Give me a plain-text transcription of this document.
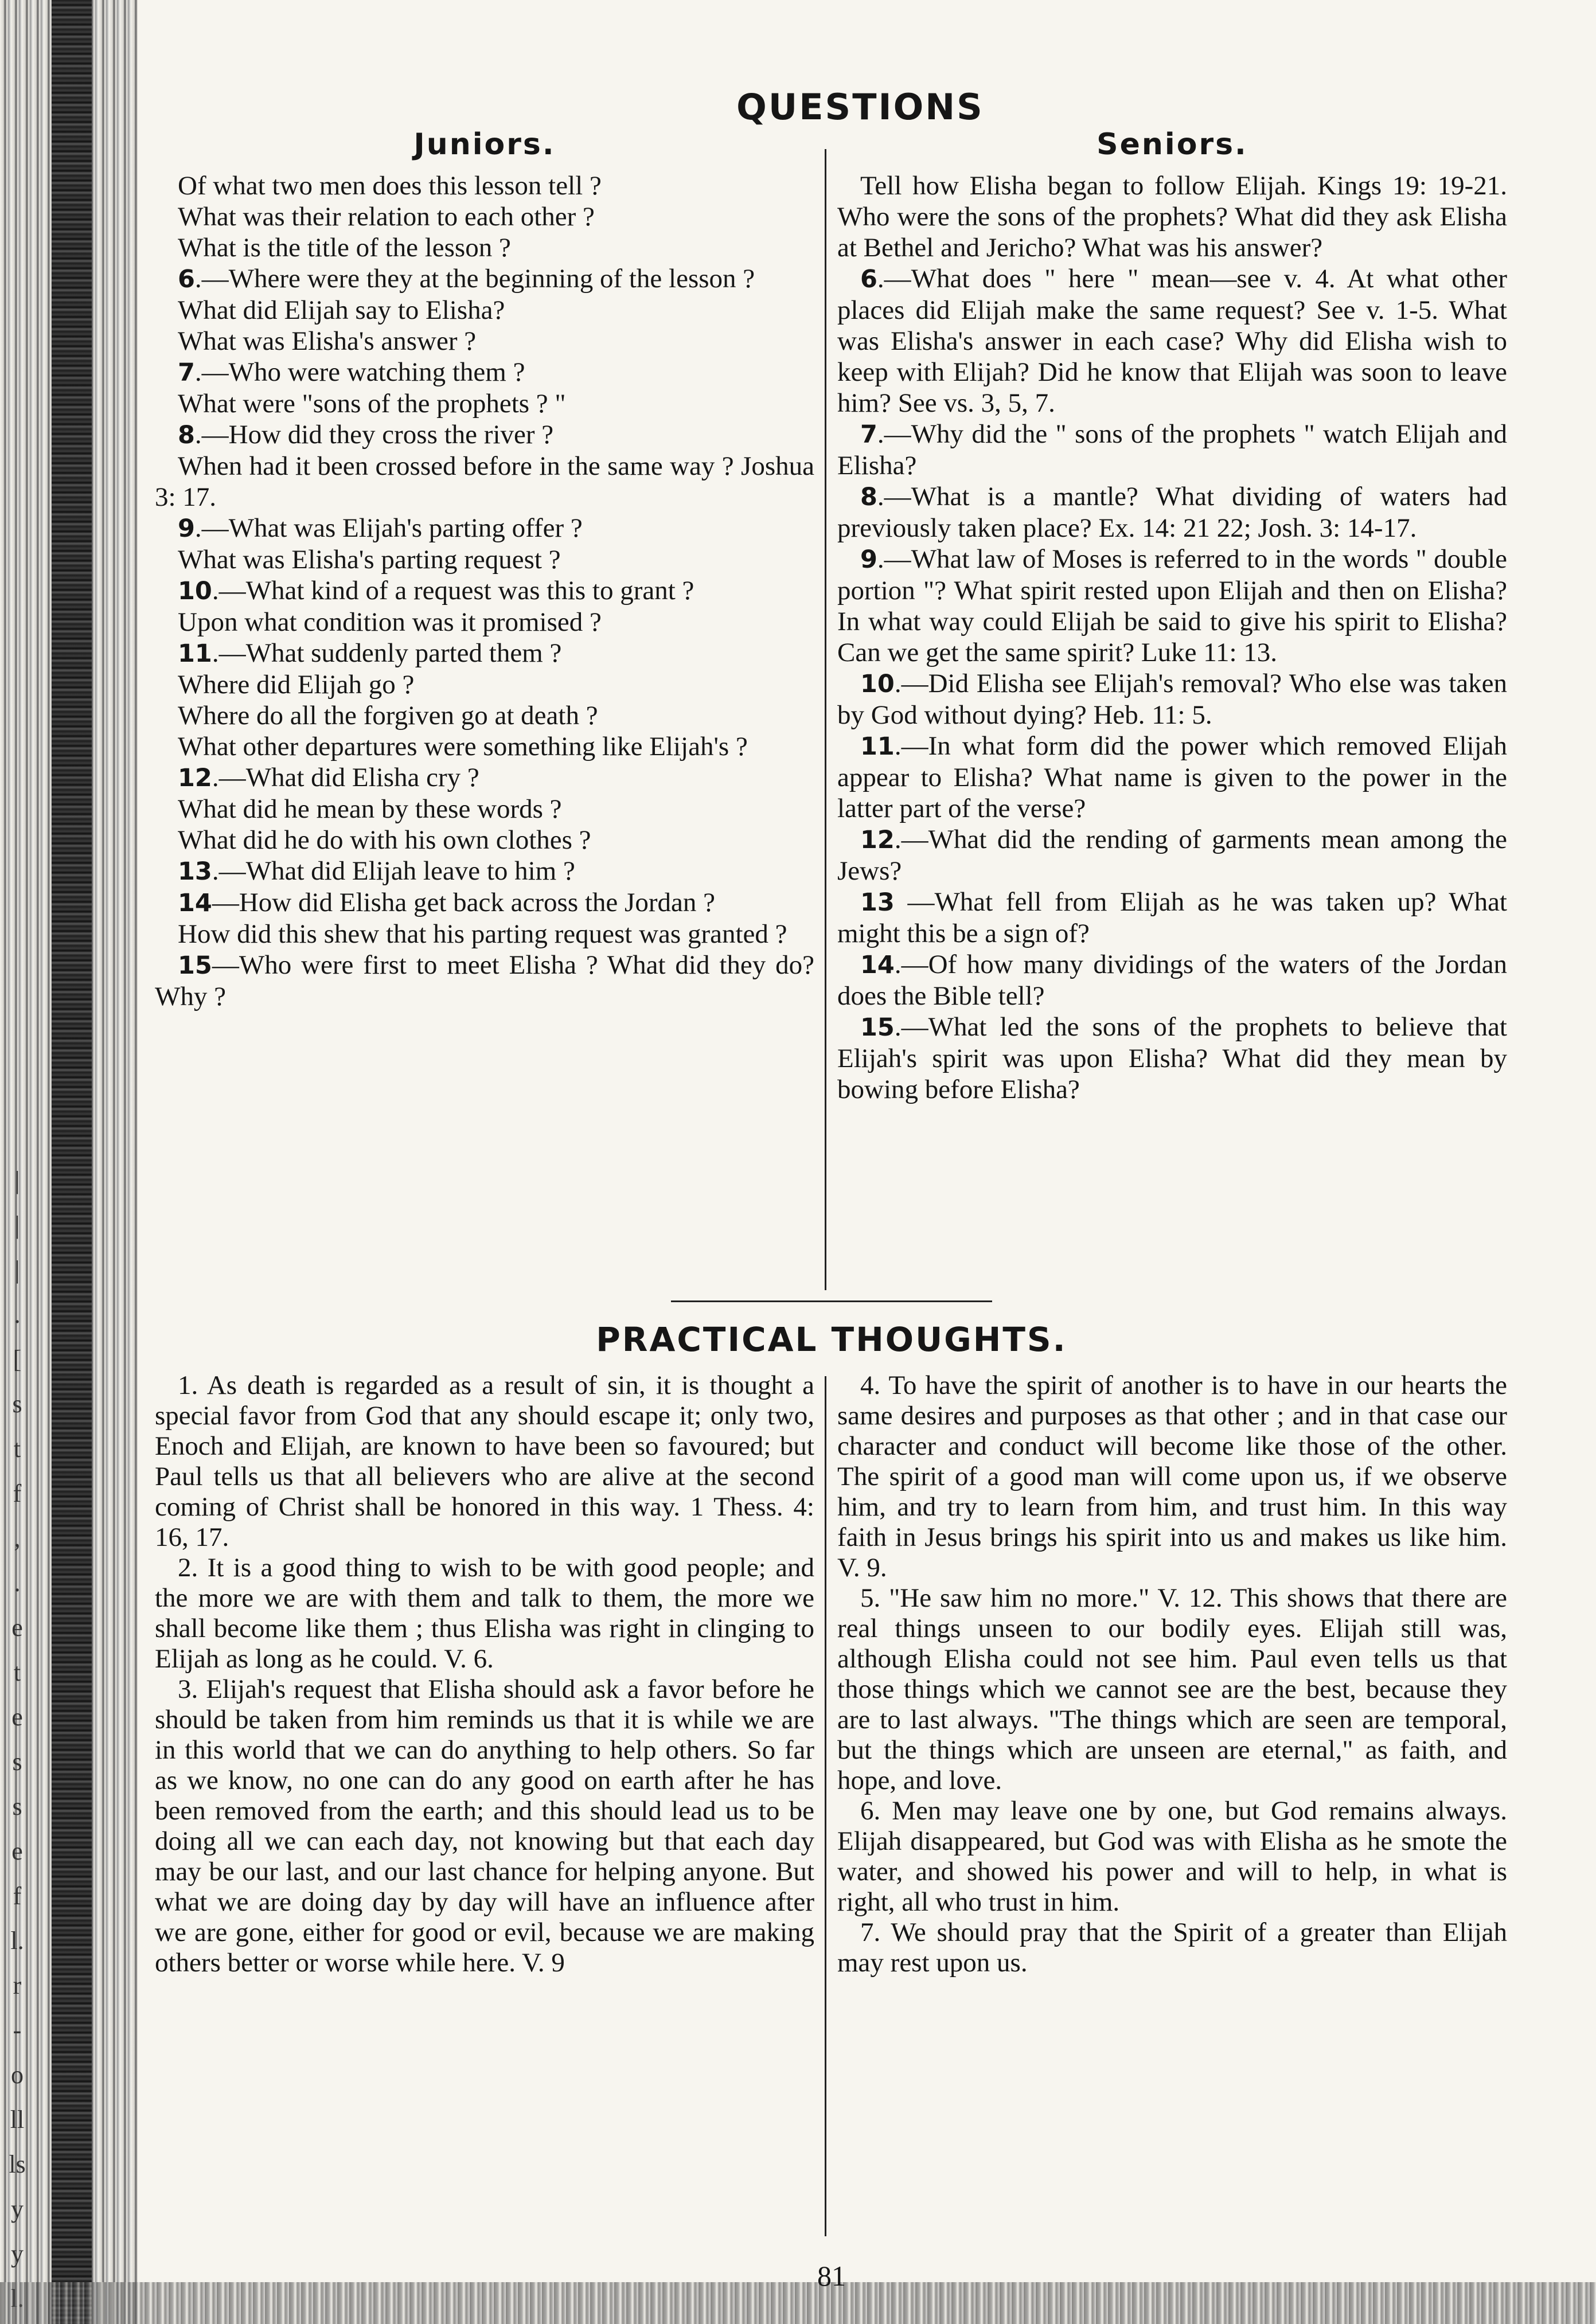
|
|
|
.
[
s
t
f
,
.
e
t
e
s
s
e
f
l.
r
-
o
ll
ls
y
y
QUESTIONS
Juniors.

Of what two men does this lesson tell ?

What was their relation to each other ?

What is the title of the lesson ?

6.—Where were they at the beginning of the lesson ?

What did Elijah say to Elisha?

What was Elisha's answer ?

7.—Who were watching them ?

What were "sons of the prophets ? "

8.—How did they cross the river ?

When had it been crossed before in the same way ? Joshua 3: 17.

9.—What was Elijah's parting offer ?

What was Elisha's parting request ?

10.—What kind of a request was this to grant ?

Upon what condition was it promised ?

11.—What suddenly parted them ?

Where did Elijah go ?

Where do all the forgiven go at death ?

What other departures were something like Elijah's ?

12.—What did Elisha cry ?

What did he mean by these words ?

What did he do with his own clothes ?

13.—What did Elijah leave to him ?

14—How did Elisha get back across the Jordan ?

How did this shew that his parting request was granted ?

15—Who were first to meet Elisha ? What did they do? Why ?

Seniors.

Tell how Elisha began to follow Elijah. Kings 19: 19-21. Who were the sons of the prophets? What did they ask Elisha at Bethel and Jericho? What was his answer?

6.—What does " here " mean—see v. 4. At what other places did Elijah make the same request? See v. 1-5. What was Elisha's answer in each case? Why did Elisha wish to keep with Elijah? Did he know that Elijah was soon to leave him? See vs. 3, 5, 7.

7.—Why did the " sons of the prophets " watch Elijah and Elisha?

8.—What is a mantle? What dividing of waters had previously taken place? Ex. 14: 21 22; Josh. 3: 14-17.

9.—What law of Moses is referred to in the words " double portion "? What spirit rested upon Elijah and then on Elisha? In what way could Elijah be said to give his spirit to Elisha? Can we get the same spirit? Luke 11: 13.

10.—Did Elisha see Elijah's removal? Who else was taken by God without dying? Heb. 11: 5.

11.—In what form did the power which removed Elijah appear to Elisha? What name is given to the power in the latter part of the verse?

12.—What did the rending of garments mean among the Jews?

13 —What fell from Elijah as he was taken up? What might this be a sign of?

14.—Of how many dividings of the waters of the Jordan does the Bible tell?

15.—What led the sons of the prophets to believe that Elijah's spirit was upon Elisha? What did they mean by bowing before Elisha?

PRACTICAL THOUGHTS.

1. As death is regarded as a result of sin, it is thought a special favor from God that any should escape it; only two, Enoch and Elijah, are known to have been so favoured; but Paul tells us that all believers who are alive at the second coming of Christ shall be honored in this way. 1 Thess. 4: 16, 17.

2. It is a good thing to wish to be with good people; and the more we are with them and talk to them, the more we shall become like them ; thus Elisha was right in clinging to Elijah as long as he could. V. 6.

3. Elijah's request that Elisha should ask a favor before he should be taken from him reminds us that it is while we are in this world that we can do anything to help others. So far as we know, no one can do any good on earth after he has been removed from the earth; and this should lead us to be doing all we can each day, not knowing but that each day may be our last, and our last chance for helping anyone. But what we are doing day by day will have an influence after we are gone, either for good or evil, because we are making others better or worse while here. V. 9

4. To have the spirit of another is to have in our hearts the same desires and purposes as that other ; and in that case our character and conduct will become like those of the other. The spirit of a good man will come upon us, if we observe him, and try to learn from him, and trust him. In this way faith in Jesus brings his spirit into us and makes us like him. V. 9.

5. "He saw him no more." V. 12. This shows that there are real things unseen to our bodily eyes. Elijah still was, although Elisha could not see him. Paul even tells us that those things which we cannot see are the best, because they are to last always. "The things which are seen are temporal, but the things which are unseen are eternal," as faith, and hope, and love.

6. Men may leave one by one, but God remains always. Elijah disappeared, but God was with Elisha as he smote the water, and showed his power and will to help, in what is right, all who trust in him.

7. We should pray that the Spirit of a greater than Elijah may rest upon us.

81
